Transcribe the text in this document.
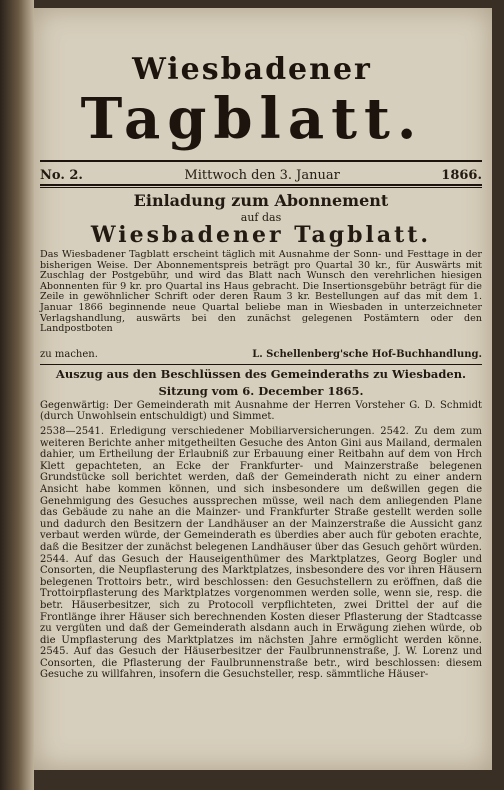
Wiesbadener
Tagblatt.
No. 2.	Mittwoch den 3. Januar	1866.
Einladung zum Abonnement
auf das
Wiesbadener Tagblatt.
Das Wiesbadener Tagblatt erscheint täglich mit Ausnahme der Sonn- und Festtage in der bisherigen Weise. Der Abonnementspreis beträgt pro Quartal 30 kr., für Auswärts mit Zuschlag der Postgebühr, und wird das Blatt nach Wunsch den verehrlichen hiesigen Abonnenten für 9 kr. pro Quartal ins Haus gebracht. Die Insertionsgebühr beträgt für die Zeile in gewöhnlicher Schrift oder deren Raum 3 kr. Bestellungen auf das mit dem 1. Januar 1866 beginnende neue Quartal beliebe man in Wiesbaden in unterzeichneter Verlagshandlung, auswärts bei den zunächst gelegenen Postämtern oder den Landpostboten
zu machen.	L. Schellenberg'sche Hof-Buchhandlung.
Auszug aus den Beschlüssen des Gemeinderaths zu Wiesbaden.
Sitzung vom 6. December 1865.
Gegenwärtig: Der Gemeinderath mit Ausnahme der Herren Vorsteher G. D. Schmidt (durch Unwohlsein entschuldigt) und Simmet.
2538—2541. Erledigung verschiedener Mobiliarversicherungen. 2542. Zu dem zum weiteren Berichte anher mitgetheilten Gesuche des Anton Gini aus Mailand, dermalen dahier, um Ertheilung der Erlaubniß zur Erbauung einer Reitbahn auf dem von Hrch Klett gepachteten, an Ecke der Frankfurter- und Mainzerstraße belegenen Grundstücke soll berichtet werden, daß der Gemeinderath nicht zu einer andern Ansicht habe kommen können, und sich insbesondere um deßwillen gegen die Genehmigung des Gesuches aussprechen müsse, weil nach dem anliegenden Plane das Gebäude zu nahe an die Mainzer- und Frankfurter Straße gestellt werden solle und dadurch den Besitzern der Landhäuser an der Mainzerstraße die Aussicht ganz verbaut werden würde, der Gemeinderath es überdies aber auch für geboten erachte, daß die Besitzer der zunächst belegenen Landhäuser über das Gesuch gehört würden. 2544. Auf das Gesuch der Hauseigenthümer des Marktplatzes, Georg Bogler und Consorten, die Neupflasterung des Marktplatzes, insbesondere des vor ihren Häusern belegenen Trottoirs betr., wird beschlossen: den Gesuchstellern zu eröffnen, daß die Trottoirpflasterung des Marktplatzes vorgenommen werden solle, wenn sie, resp. die betr. Häuserbesitzer, sich zu Protocoll verpflichteten, zwei Drittel der auf die Frontlänge ihrer Häuser sich berechnenden Kosten dieser Pflasterung der Stadtcasse zu vergüten und daß der Gemeinderath alsdann auch in Erwägung ziehen würde, ob die Umpflasterung des Marktplatzes im nächsten Jahre ermöglicht werden könne. 2545. Auf das Gesuch der Häuserbesitzer der Faulbrunnenstraße, J. W. Lorenz und Consorten, die Pflasterung der Faulbrunnenstraße betr., wird beschlossen: diesem Gesuche zu willfahren, insofern die Gesuchsteller, resp. sämmtliche Häuser-
